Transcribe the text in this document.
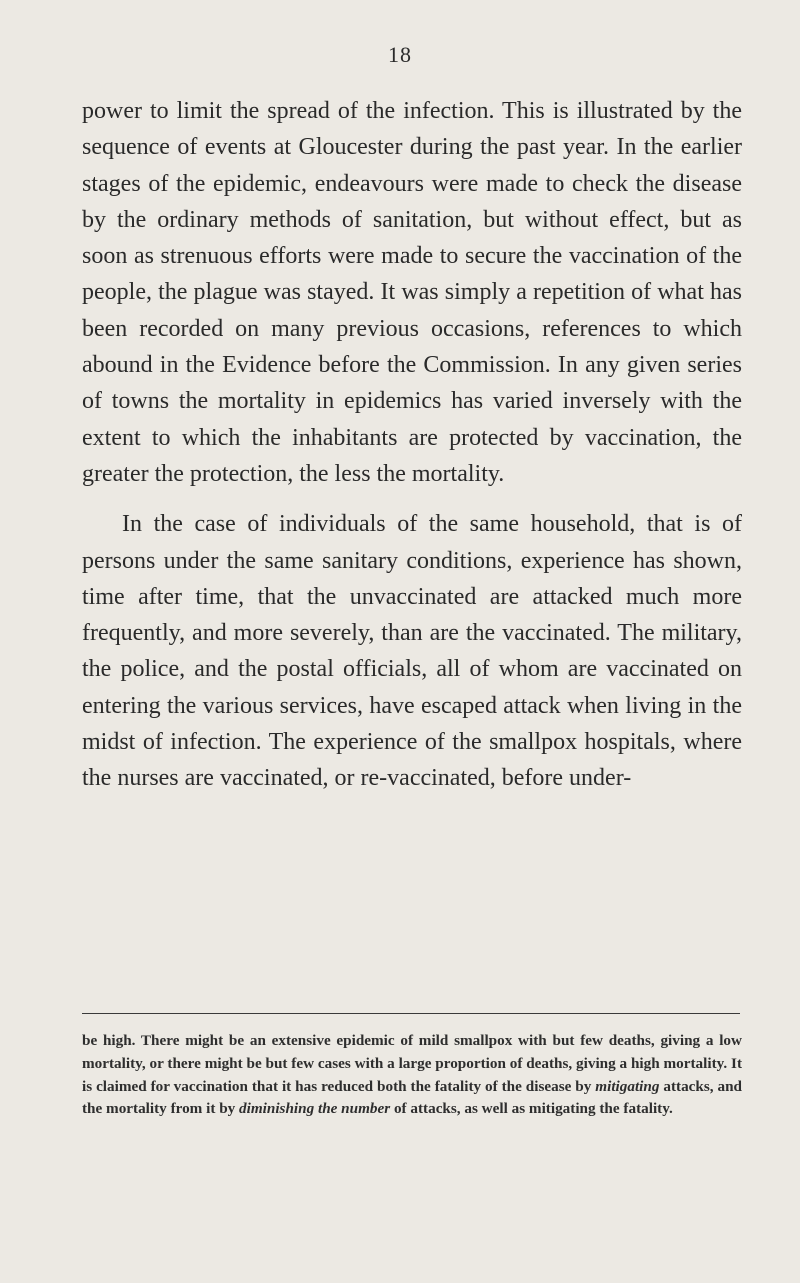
18

power to limit the spread of the infection. This is illustrated by the sequence of events at Gloucester during the past year. In the earlier stages of the epidemic, endeavours were made to check the disease by the ordinary methods of sanitation, but without effect, but as soon as strenuous efforts were made to secure the vaccination of the people, the plague was stayed. It was simply a repetition of what has been recorded on many previous occasions, references to which abound in the Evidence before the Commission. In any given series of towns the mortality in epidemics has varied inversely with the extent to which the inhabitants are protected by vaccination, the greater the protection, the less the mortality.

In the case of individuals of the same household, that is of persons under the same sanitary conditions, experience has shown, time after time, that the unvaccinated are attacked much more frequently, and more severely, than are the vaccinated. The military, the police, and the postal officials, all of whom are vaccinated on entering the various services, have escaped attack when living in the midst of infection. The experience of the smallpox hospitals, where the nurses are vaccinated, or re-vaccinated, before under-

be high. There might be an extensive epidemic of mild smallpox with but few deaths, giving a low mortality, or there might be but few cases with a large proportion of deaths, giving a high mortality. It is claimed for vaccination that it has reduced both the fatality of the disease by mitigating attacks, and the mortality from it by diminishing the number of attacks, as well as mitigating the fatality.
